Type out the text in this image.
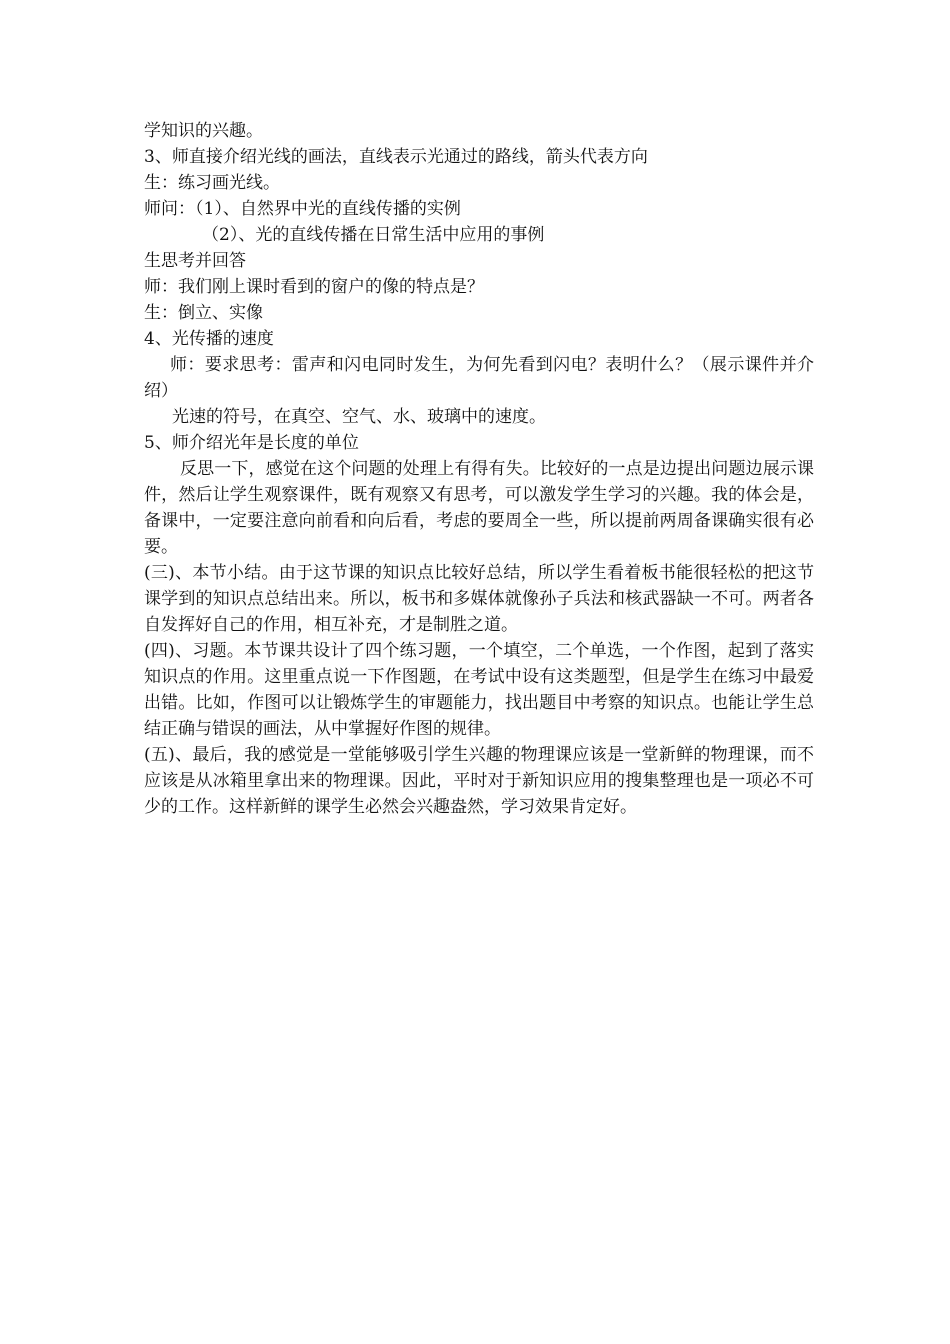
学知识的兴趣。
3、师直接介绍光线的画法，直线表示光通过的路线，箭头代表方向
生：练习画光线。
师问：（1）、自然界中光的直线传播的实例
（2）、光的直线传播在日常生活中应用的事例
生思考并回答
师：我们刚上课时看到的窗户的像的特点是？
生：倒立、实像
4、光传播的速度
师：要求思考：雷声和闪电同时发生，为何先看到闪电？表明什么？（展示课件并介绍）
光速的符号，在真空、空气、水、玻璃中的速度。
5、师介绍光年是长度的单位
反思一下，感觉在这个问题的处理上有得有失。比较好的一点是边提出问题边展示课件，然后让学生观察课件，既有观察又有思考，可以激发学生学习的兴趣。我的体会是，备课中，一定要注意向前看和向后看，考虑的要周全一些，所以提前两周备课确实很有必要。
(三)、本节小结。由于这节课的知识点比较好总结，所以学生看着板书能很轻松的把这节课学到的知识点总结出来。所以，板书和多媒体就像孙子兵法和核武器缺一不可。两者各自发挥好自己的作用，相互补充，才是制胜之道。
(四)、习题。本节课共设计了四个练习题，一个填空，二个单选，一个作图，起到了落实知识点的作用。这里重点说一下作图题，在考试中设有这类题型，但是学生在练习中最爱出错。比如，作图可以让锻炼学生的审题能力，找出题目中考察的知识点。也能让学生总结正确与错误的画法，从中掌握好作图的规律。
(五)、最后，我的感觉是一堂能够吸引学生兴趣的物理课应该是一堂新鲜的物理课，而不应该是从冰箱里拿出来的物理课。因此，平时对于新知识应用的搜集整理也是一项必不可少的工作。这样新鲜的课学生必然会兴趣盎然，学习效果肯定好。
